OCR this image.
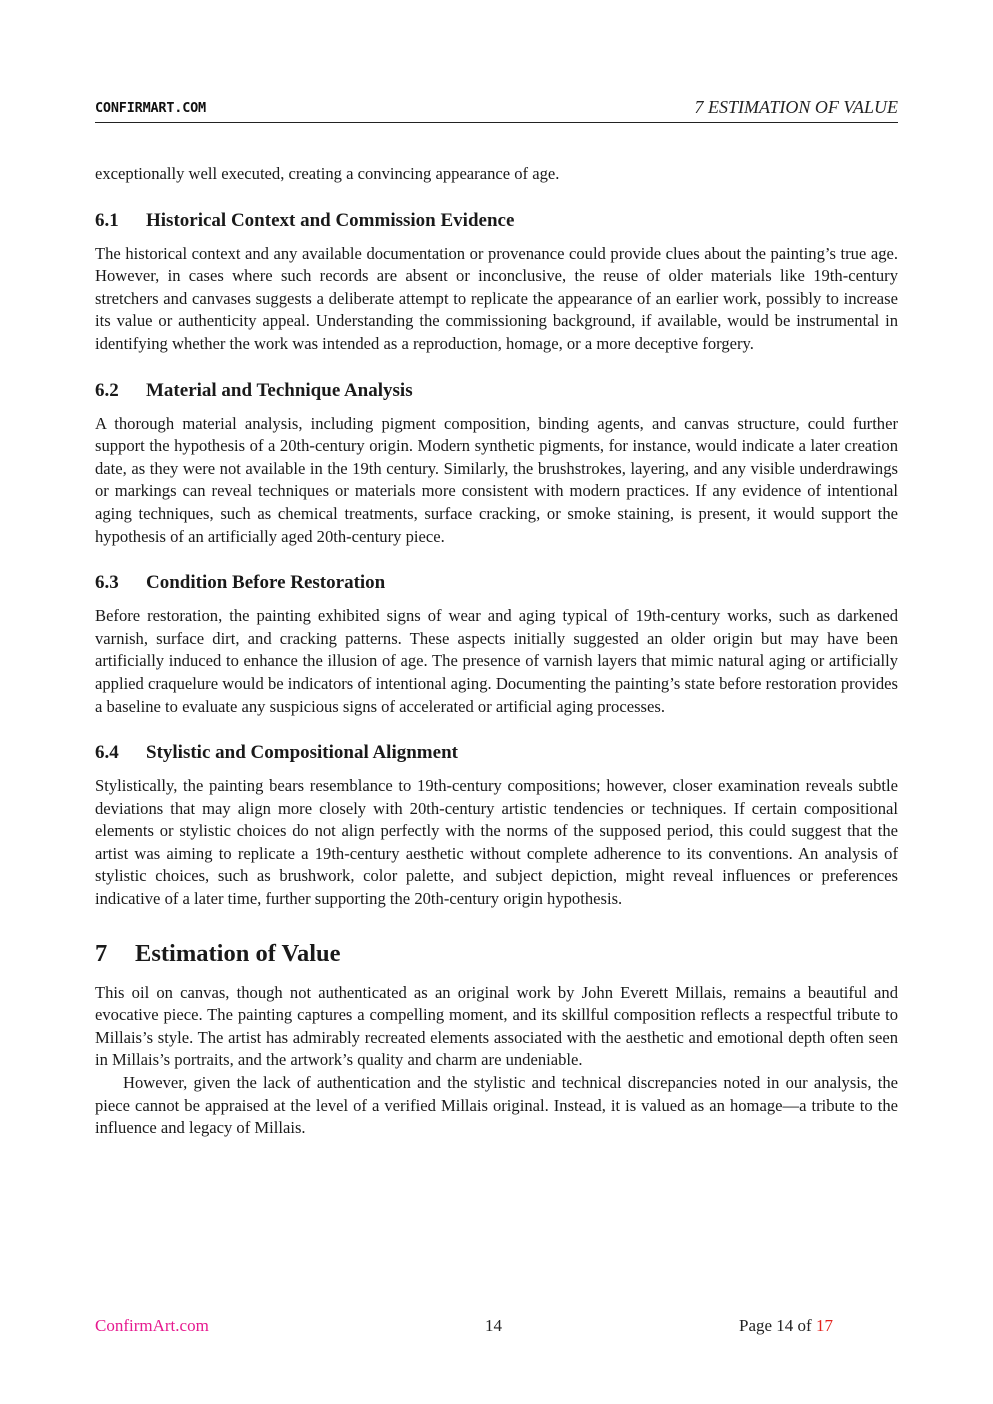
CONFIRMART.COM	7 ESTIMATION OF VALUE

exceptionally well executed, creating a convincing appearance of age.

6.1 Historical Context and Commission Evidence

The historical context and any available documentation or provenance could provide clues about the painting’s true age. However, in cases where such records are absent or inconclusive, the reuse of older materials like 19th-century stretchers and canvases suggests a deliberate attempt to replicate the appearance of an earlier work, possibly to increase its value or authenticity appeal. Understanding the commissioning background, if available, would be instrumental in identifying whether the work was intended as a reproduction, homage, or a more deceptive forgery.

6.2 Material and Technique Analysis

A thorough material analysis, including pigment composition, binding agents, and canvas structure, could further support the hypothesis of a 20th-century origin. Modern synthetic pigments, for instance, would indicate a later creation date, as they were not available in the 19th century. Similarly, the brushstrokes, layering, and any visible underdrawings or markings can reveal techniques or materials more consistent with modern practices. If any evidence of intentional aging techniques, such as chemical treatments, surface cracking, or smoke staining, is present, it would support the hypothesis of an artificially aged 20th-century piece.

6.3 Condition Before Restoration

Before restoration, the painting exhibited signs of wear and aging typical of 19th-century works, such as darkened varnish, surface dirt, and cracking patterns. These aspects initially suggested an older origin but may have been artificially induced to enhance the illusion of age. The presence of varnish layers that mimic natural aging or artificially applied craquelure would be indicators of intentional aging. Documenting the painting’s state before restoration provides a baseline to evaluate any suspicious signs of accelerated or artificial aging processes.

6.4 Stylistic and Compositional Alignment

Stylistically, the painting bears resemblance to 19th-century compositions; however, closer examination reveals subtle deviations that may align more closely with 20th-century artistic tendencies or techniques. If certain compositional elements or stylistic choices do not align perfectly with the norms of the supposed period, this could suggest that the artist was aiming to replicate a 19th-century aesthetic without complete adherence to its conventions. An analysis of stylistic choices, such as brushwork, color palette, and subject depiction, might reveal influences or preferences indicative of a later time, further supporting the 20th-century origin hypothesis.

7 Estimation of Value

This oil on canvas, though not authenticated as an original work by John Everett Millais, remains a beautiful and evocative piece. The painting captures a compelling moment, and its skillful composition reflects a respectful tribute to Millais’s style. The artist has admirably recreated elements associated with the aesthetic and emotional depth often seen in Millais’s portraits, and the artwork’s quality and charm are undeniable.

However, given the lack of authentication and the stylistic and technical discrepancies noted in our analysis, the piece cannot be appraised at the level of a verified Millais original. Instead, it is valued as an homage—a tribute to the influence and legacy of Millais.

ConfirmArt.com	14	Page 14 of 17
